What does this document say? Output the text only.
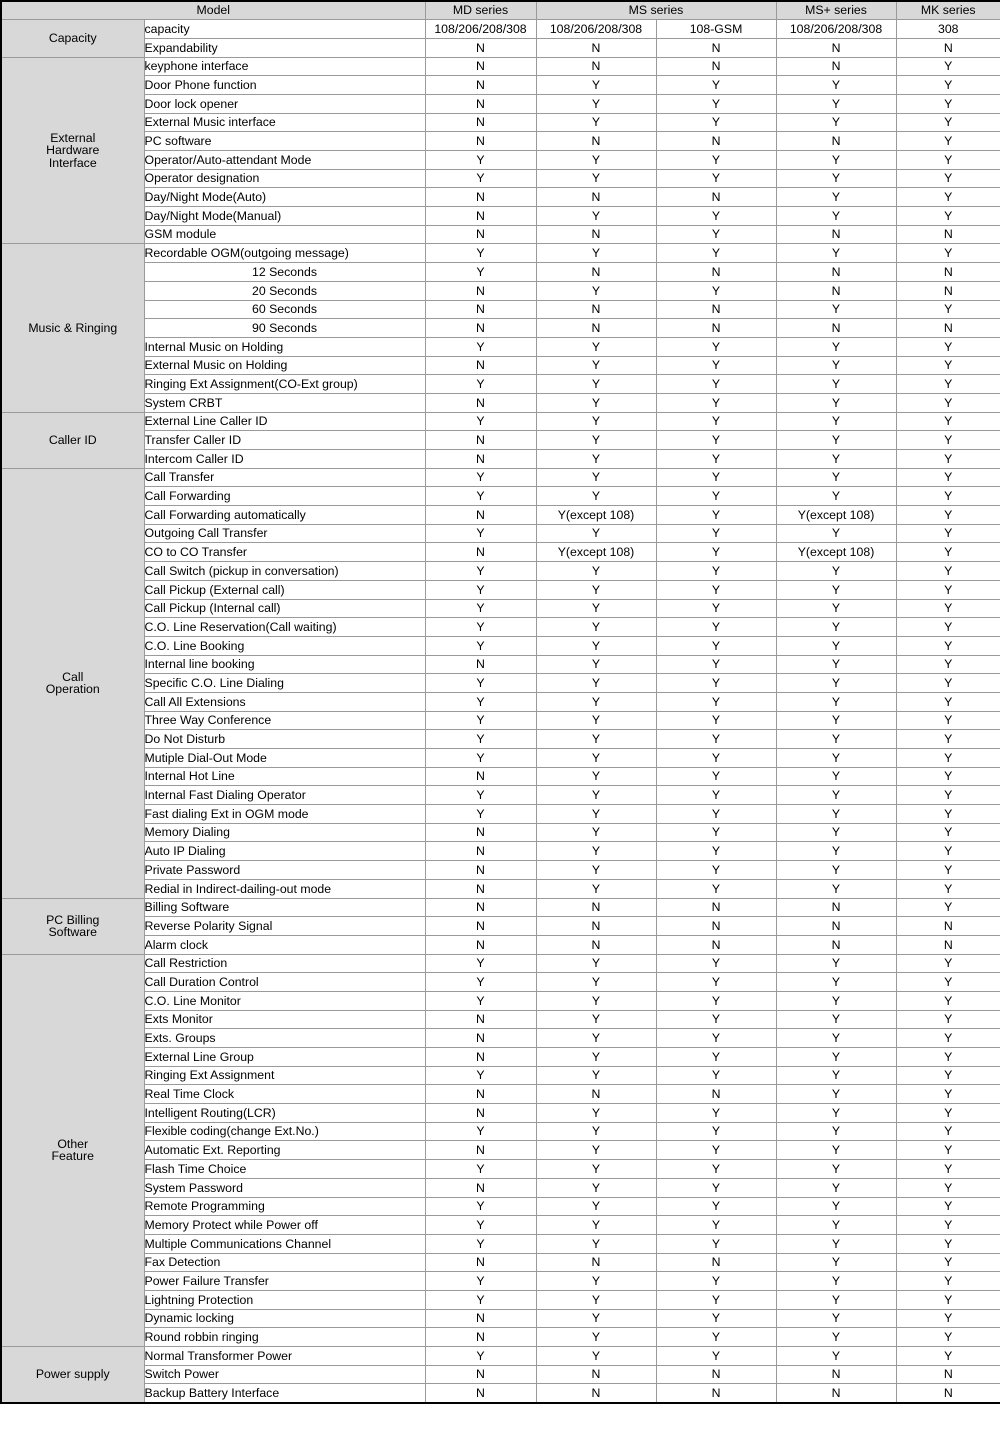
Model		MD series	MS series		MS+ series	MK series
Capacity	capacity	108/206/208/308	108/206/208/308	108-GSM	108/206/208/308	308
	Expandability	N	N	N	N	N
External
Hardware
Interface	keyphone interface	N	N	N	N	Y
	Door Phone function	N	Y	Y	Y	Y
	Door lock opener	N	Y	Y	Y	Y
	External Music interface	N	Y	Y	Y	Y
	PC software	N	N	N	N	Y
	Operator/Auto-attendant Mode	Y	Y	Y	Y	Y
	Operator designation	Y	Y	Y	Y	Y
	Day/Night Mode(Auto)	N	N	N	Y	Y
	Day/Night Mode(Manual)	N	Y	Y	Y	Y
	GSM module	N	N	Y	N	N
Music & Ringing	Recordable OGM(outgoing message)	Y	Y	Y	Y	Y
	12 Seconds	Y	N	N	N	N
	20 Seconds	N	Y	Y	N	N
	60 Seconds	N	N	N	Y	Y
	90 Seconds	N	N	N	N	N
	Internal Music on Holding	Y	Y	Y	Y	Y
	External Music on Holding	N	Y	Y	Y	Y
	Ringing Ext Assignment(CO-Ext group)	Y	Y	Y	Y	Y
	System CRBT	N	Y	Y	Y	Y
Caller ID	External Line Caller ID	Y	Y	Y	Y	Y
	Transfer Caller ID	N	Y	Y	Y	Y
	Intercom Caller ID	N	Y	Y	Y	Y
Call
Operation	Call Transfer	Y	Y	Y	Y	Y
	Call Forwarding	Y	Y	Y	Y	Y
	Call Forwarding automatically	N	Y(except 108)	Y	Y(except 108)	Y
	Outgoing Call Transfer	Y	Y	Y	Y	Y
	CO to CO Transfer	N	Y(except 108)	Y	Y(except 108)	Y
	Call Switch (pickup in conversation)	Y	Y	Y	Y	Y
	Call Pickup (External call)	Y	Y	Y	Y	Y
	Call Pickup (Internal call)	Y	Y	Y	Y	Y
	C.O. Line Reservation(Call waiting)	Y	Y	Y	Y	Y
	C.O. Line Booking	Y	Y	Y	Y	Y
	Internal line booking	N	Y	Y	Y	Y
	Specific C.O. Line Dialing	Y	Y	Y	Y	Y
	Call All Extensions	Y	Y	Y	Y	Y
	Three Way Conference	Y	Y	Y	Y	Y
	Do Not Disturb	Y	Y	Y	Y	Y
	Mutiple Dial-Out Mode	Y	Y	Y	Y	Y
	Internal Hot Line	N	Y	Y	Y	Y
	Internal Fast Dialing Operator	Y	Y	Y	Y	Y
	Fast dialing Ext in OGM mode	Y	Y	Y	Y	Y
	Memory Dialing	N	Y	Y	Y	Y
	Auto IP Dialing	N	Y	Y	Y	Y
	Private Password	N	Y	Y	Y	Y
	Redial in Indirect-dailing-out mode	N	Y	Y	Y	Y
PC Billing
Software	Billing Software	N	N	N	N	Y
	Reverse Polarity Signal	N	N	N	N	N
	Alarm clock	N	N	N	N	N
Other
Feature	Call Restriction	Y	Y	Y	Y	Y
	Call Duration Control	Y	Y	Y	Y	Y
	C.O. Line Monitor	Y	Y	Y	Y	Y
	Exts Monitor	N	Y	Y	Y	Y
	Exts. Groups	N	Y	Y	Y	Y
	External Line Group	N	Y	Y	Y	Y
	Ringing Ext Assignment	Y	Y	Y	Y	Y
	Real Time Clock	N	N	N	Y	Y
	Intelligent Routing(LCR)	N	Y	Y	Y	Y
	Flexible coding(change Ext.No.)	Y	Y	Y	Y	Y
	Automatic Ext. Reporting	N	Y	Y	Y	Y
	Flash Time Choice	Y	Y	Y	Y	Y
	System Password	N	Y	Y	Y	Y
	Remote Programming	Y	Y	Y	Y	Y
	Memory Protect while Power off	Y	Y	Y	Y	Y
	Multiple Communications Channel	Y	Y	Y	Y	Y
	Fax Detection	N	N	N	Y	Y
	Power Failure Transfer	Y	Y	Y	Y	Y
	Lightning Protection	Y	Y	Y	Y	Y
	Dynamic locking	N	Y	Y	Y	Y
	Round robbin ringing	N	Y	Y	Y	Y
Power supply	Normal Transformer Power	Y	Y	Y	Y	Y
	Switch Power	N	N	N	N	N
	Backup Battery Interface	N	N	N	N	N
